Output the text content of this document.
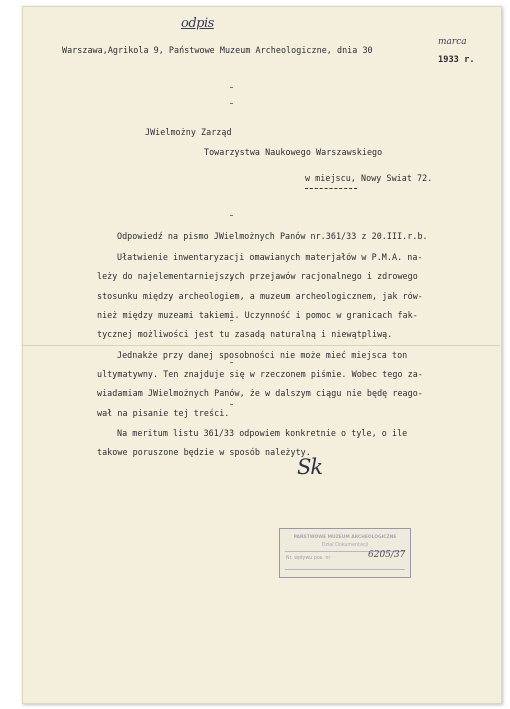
odpis
Warszawa,Agrikola 9, Państwowe Muzeum Archeologiczne, dnia 30
marca
1933 r.
JWielmożny Zarząd
Towarzystwa Naukowego Warszawskiego
w miejscu, Nowy Swiat 72.
Odpowiedź na pismo JWielmożnych Panów nr.361/33 z 20.III.r.b.
Ułatwienie inwentaryzacji omawianych materjałów w P.M.A. na-
leży do najelementarniejszych przejawów racjonalnego i zdrowego
stosunku między archeologiem, a muzeum archeologicznem, jak rów-
nież między muzeami takiemi. Uczynność i pomoc w granicach fak-
tycznej możliwości jest tu zasadą naturalną i niewątpliwą.
Jednakże przy danej sposobności nie może mieć miejsca ton
ultymatywny. Ten znajduje się w rzeczonem piśmie. Wobec tego za-
wiadamiam JWielmożnych Panów, że w dalszym ciągu nie będę reago-
wał na pisanie tej treści.
Na meritum listu 361/33 odpowiem konkretnie o tyle, o ile
takowe poruszone będzie w sposób należyty.
Sk
PAŃSTWOWE MUZEUM ARCHEOLOGICZNE
Dział Dokumentacji
Nr. wpływu pos. nr	6205/37
